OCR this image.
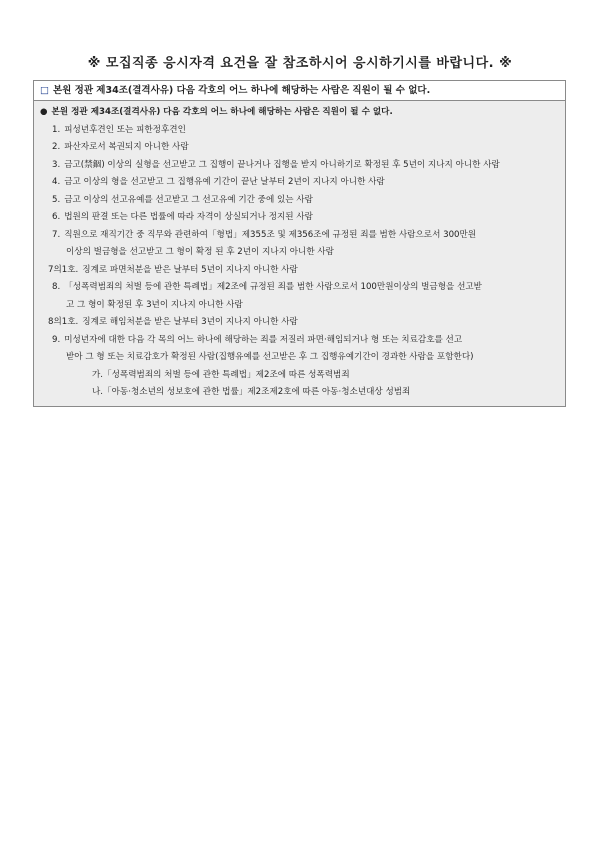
※ 모집직종 응시자격 요건을 잘 참조하시어 응시하기시를 바랍니다. ※
□ 본원 정관 제34조(결격사유) 다음 각호의 어느 하나에 해당하는 사람은 직원이 될 수 없다.
● 본원 정관 제34조(결격사유) 다음 각호의 어느 하나에 해당하는 사람은 직원이 될 수 없다.
1. 피성년후견인 또는 피한정후견인
2. 파산자로서 복권되지 아니한 사람
3. 금고(禁錮) 이상의 실형을 선고받고 그 집행이 끝나거나 집행을 받지 아니하기로 확정된 후 5년이 지나지 아니한 사람
4. 금고 이상의 형을 선고받고 그 집행유예 기간이 끝난 날부터 2년이 지나지 아니한 사람
5. 금고 이상의 선고유예를 선고받고 그 선고유예 기간 중에 있는 사람
6. 법원의 판결 또는 다른 법률에 따라 자격이 상실되거나 정지된 사람
7. 직원으로 재직기간 중 직무와 관련하여「형법」제355조 및 제356조에 규정된 죄를 범한 사람으로서 300만원
이상의 벌금형을 선고받고 그 형이 확정 된 후 2년이 지나지 아니한 사람
7의1호. 징계로 파면처분을 받은 날부터 5년이 지나지 아니한 사람
8. 「성폭력범죄의 처벌 등에 관한 특례법」제2조에 규정된 죄를 범한 사람으로서 100만원이상의 벌금형을 선고받
고 그 형이 확정된 후 3년이 지나지 아니한 사람
8의1호. 징계로 해임처분을 받은 날부터 3년이 지나지 아니한 사람
9. 미성년자에 대한 다음 각 목의 어느 하나에 해당하는 죄를 저질러 파면·해임되거나 형 또는 치료감호를 선고
받아 그 형 또는 치료감호가 확정된 사람(집행유예를 선고받은 후 그 집행유예기간이 경과한 사람을 포함한다)
가.「성폭력범죄의 처벌 등에 관한 특례법」제2조에 따른 성폭력범죄
나.「아동·청소년의 성보호에 관한 법률」제2조제2호에 따른 아동·청소년대상 성범죄
